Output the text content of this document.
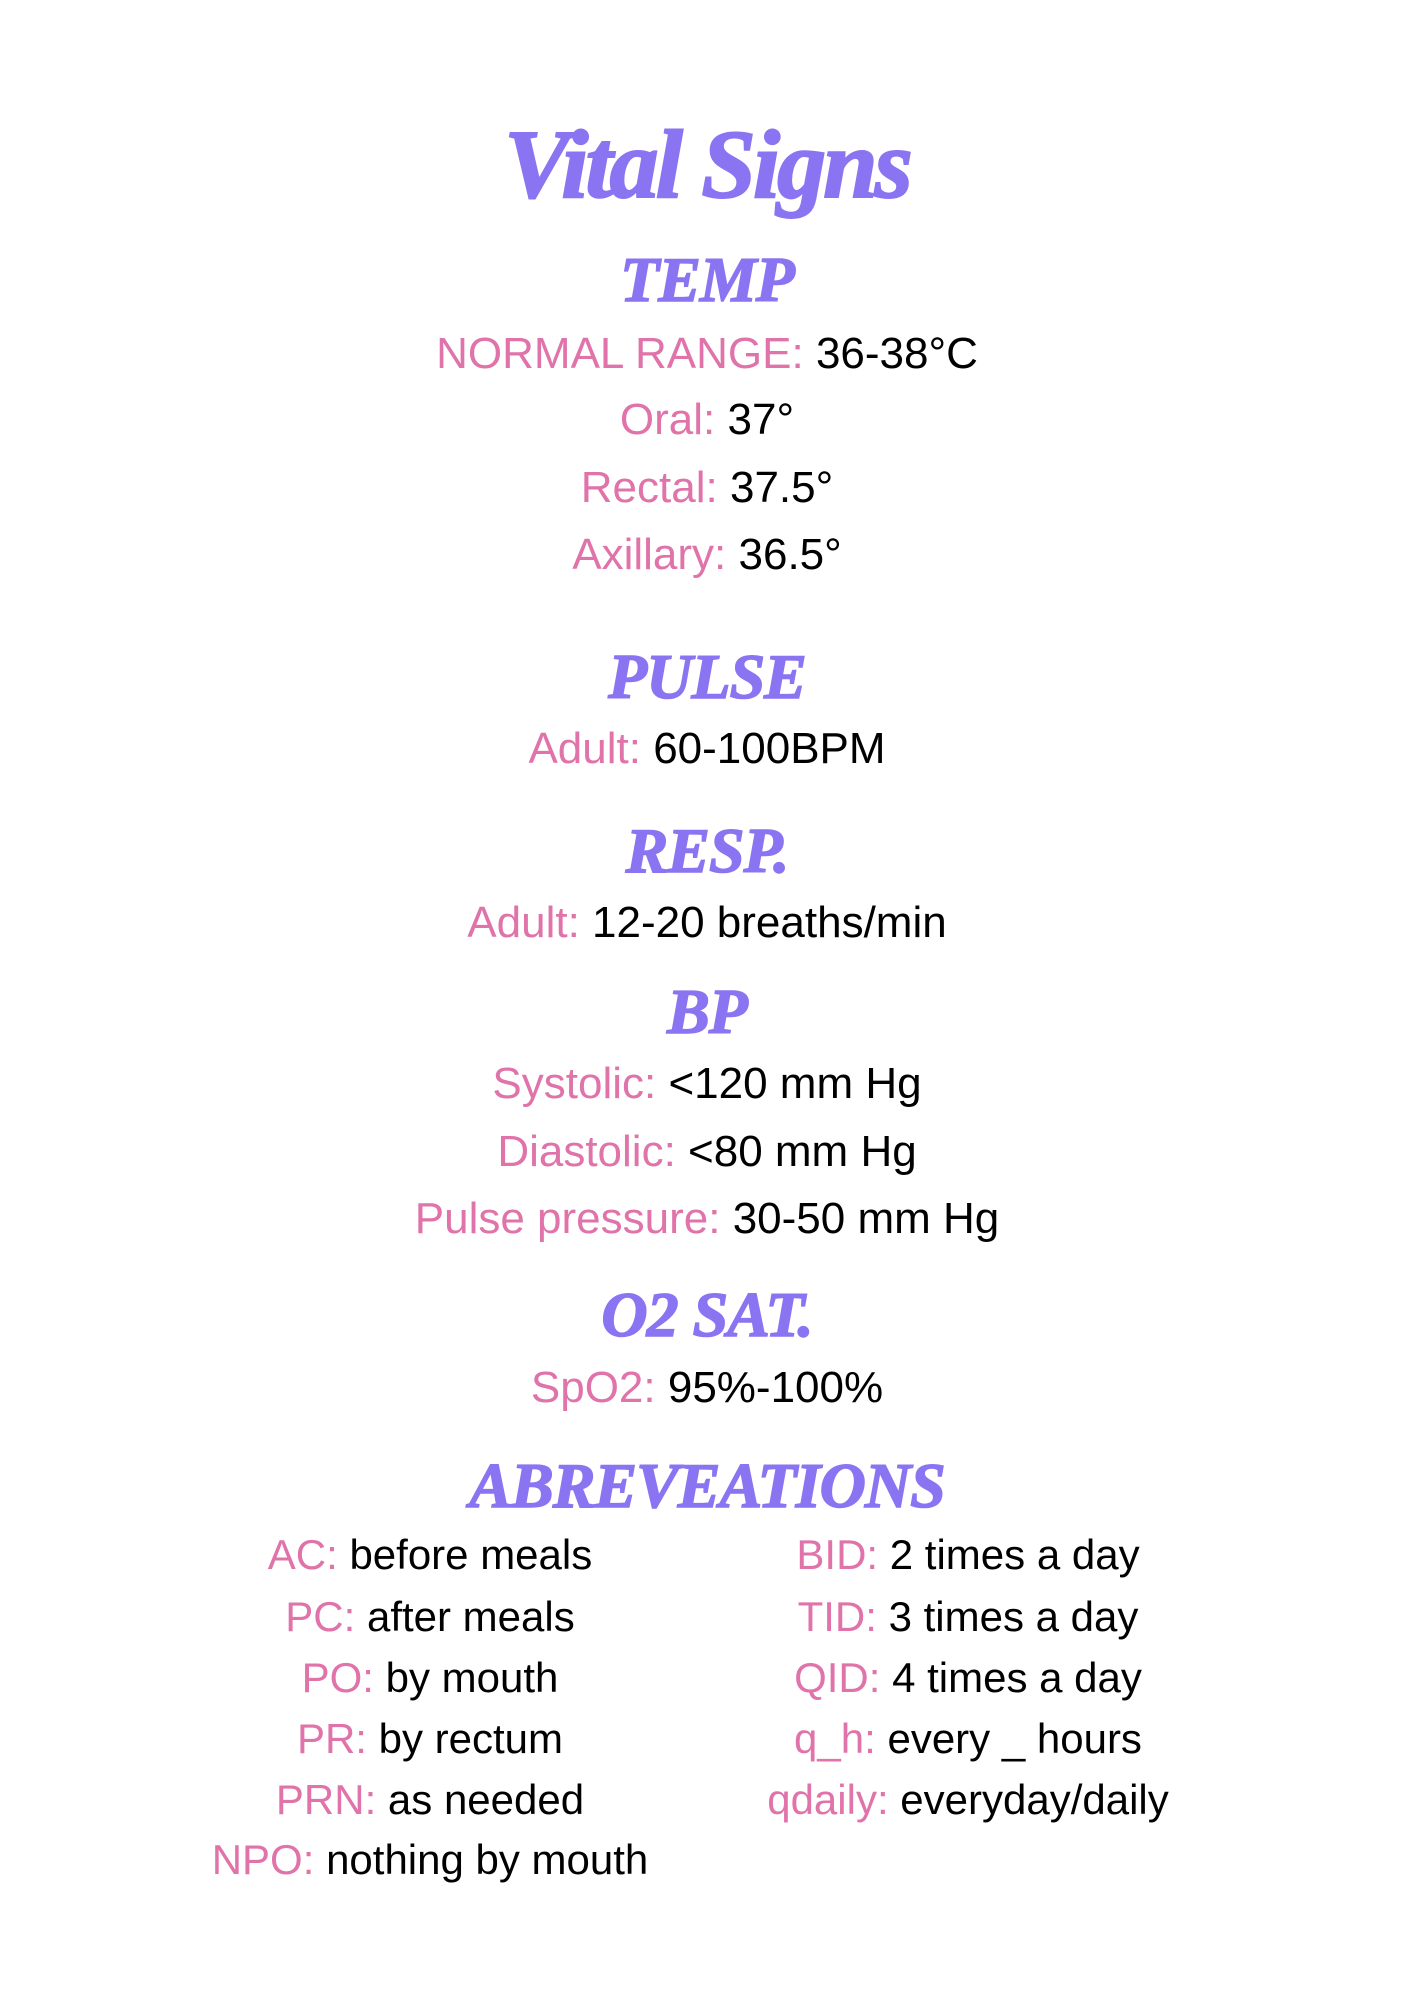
Vital Signs
TEMP
NORMAL RANGE: 36-38°C
Oral: 37°
Rectal: 37.5°
Axillary: 36.5°
PULSE
Adult: 60-100BPM
RESP.
Adult: 12-20 breaths/min
BP
Systolic: <120 mm Hg
Diastolic: <80 mm Hg
Pulse pressure: 30-50 mm Hg
O2 SAT.
SpO2: 95%-100%
ABREVEATIONS
AC: before meals
PC: after meals
PO: by mouth
PR: by rectum
PRN: as needed
NPO: nothing by mouth
BID: 2 times a day
TID: 3 times a day
QID: 4 times a day
q_h: every _ hours
qdaily: everyday/daily
